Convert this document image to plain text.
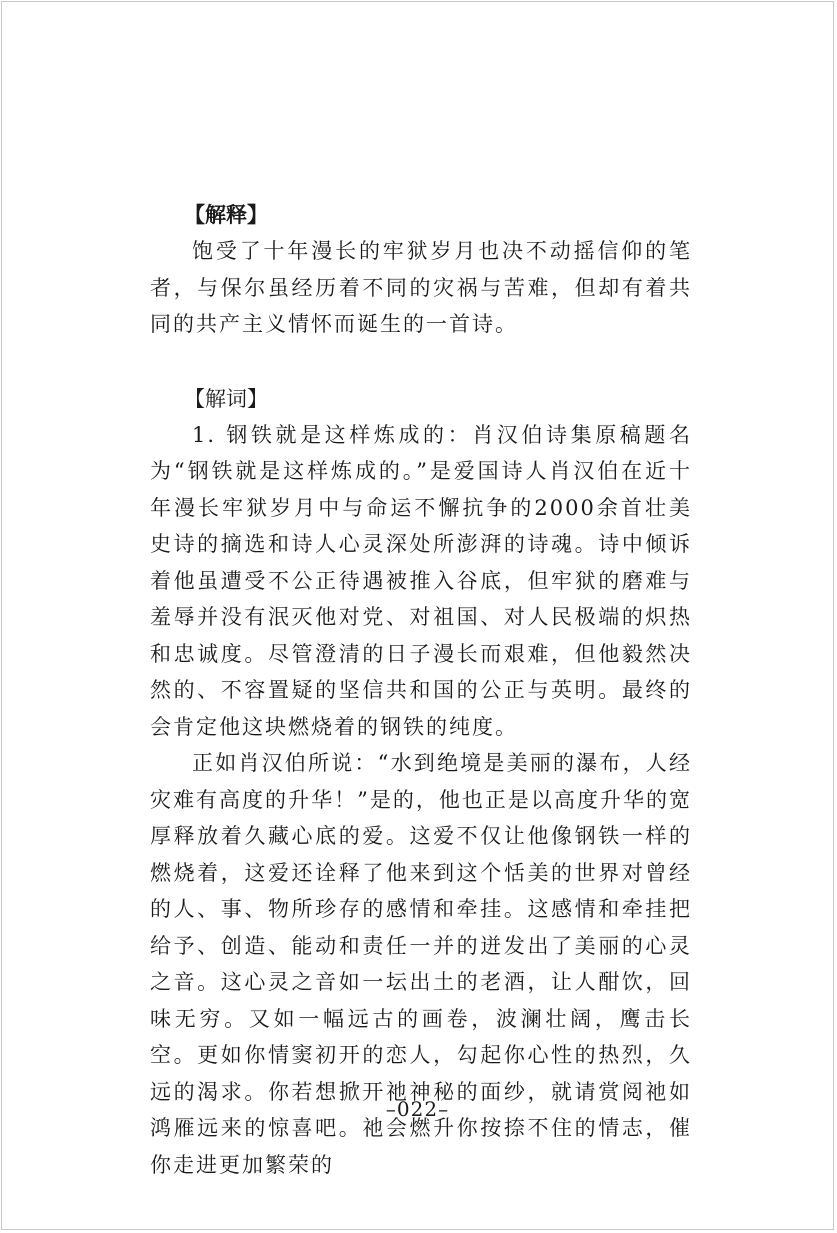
【解释】

饱受了十年漫长的牢狱岁月也决不动摇信仰的笔者，与保尔虽经历着不同的灾祸与苦难，但却有着共同的共产主义情怀而诞生的一首诗。

【解词】

1. 钢铁就是这样炼成的：肖汉伯诗集原稿题名为“钢铁就是这样炼成的。”是爱国诗人肖汉伯在近十年漫长牢狱岁月中与命运不懈抗争的2000余首壮美史诗的摘选和诗人心灵深处所澎湃的诗魂。诗中倾诉着他虽遭受不公正待遇被推入谷底，但牢狱的磨难与羞辱并没有泯灭他对党、对祖国、对人民极端的炽热和忠诚度。尽管澄清的日子漫长而艰难，但他毅然决然的、不容置疑的坚信共和国的公正与英明。最终的会肯定他这块燃烧着的钢铁的纯度。

正如肖汉伯所说：“水到绝境是美丽的瀑布，人经灾难有高度的升华！”是的，他也正是以高度升华的宽厚释放着久藏心底的爱。这爱不仅让他像钢铁一样的燃烧着，这爱还诠释了他来到这个恬美的世界对曾经的人、事、物所珍存的感情和牵挂。这感情和牵挂把给予、创造、能动和责任一并的迸发出了美丽的心灵之音。这心灵之音如一坛出土的老酒，让人酣饮，回味无穷。又如一幅远古的画卷，波澜壮阔，鹰击长空。更如你情窦初开的恋人，勾起你心性的热烈，久远的渴求。你若想掀开祂神秘的面纱，就请赏阅祂如鸿雁远来的惊喜吧。祂会燃升你按捺不住的情志，催你走进更加繁荣的

–022–
